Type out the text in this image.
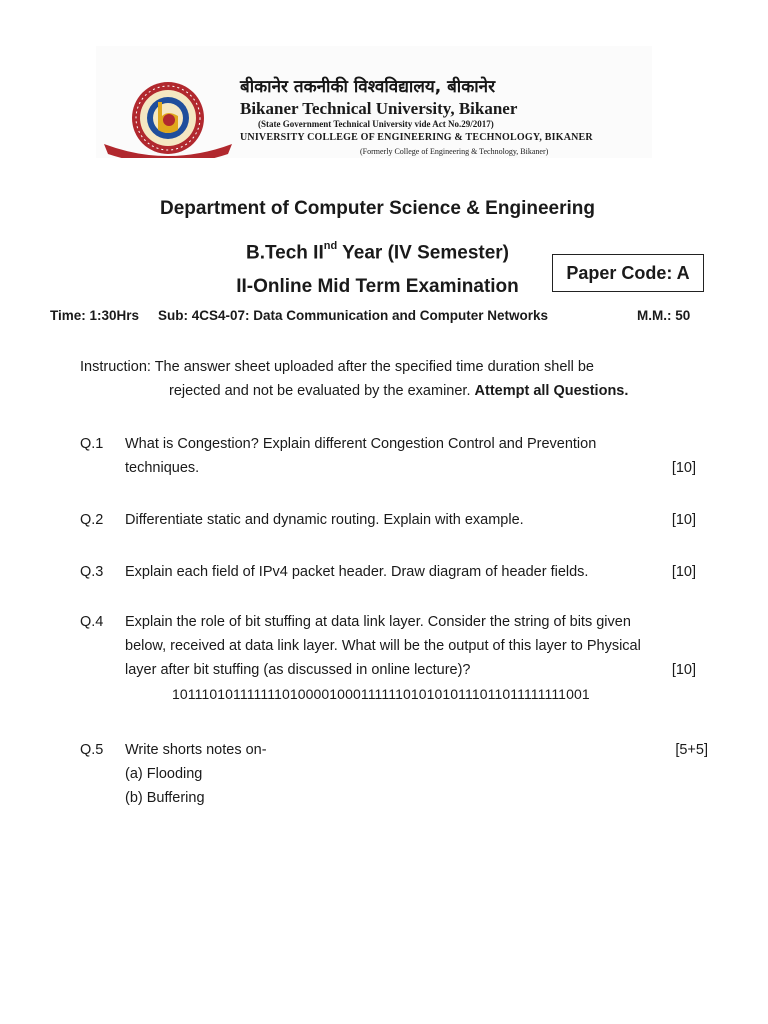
बीकानेर तकनीकी विश्वविद्यालय, बीकानेर
Bikaner Technical University, Bikaner
(State Government Technical University vide Act No.29/2017)
UNIVERSITY COLLEGE OF ENGINEERING & TECHNOLOGY, BIKANER
(Formerly College of Engineering & Technology, Bikaner)
Department of Computer Science & Engineering
B.Tech IInd Year (IV Semester)
II-Online Mid Term Examination
Paper Code: A
Time: 1:30Hrs Sub: 4CS4-07: Data Communication and Computer Networks	M.M.: 50
Instruction: The answer sheet uploaded after the specified time duration shell be
rejected and not be evaluated by the examiner. Attempt all Questions.
Q.1 What is Congestion? Explain different Congestion Control and Prevention
techniques.	[10]
Q.2 Differentiate static and dynamic routing. Explain with example.	[10]
Q.3 Explain each field of IPv4 packet header. Draw diagram of header fields.	[10]
Q.4 Explain the role of bit stuffing at data link layer. Consider the string of bits given
below, received at data link layer. What will be the output of this layer to Physical
layer after bit stuffing (as discussed in online lecture)?	[10]
10111010111111101000010001111110101010111011011111111001
Q.5 Write shorts notes on-
(a) Flooding
(b) Buffering
[5+5]
